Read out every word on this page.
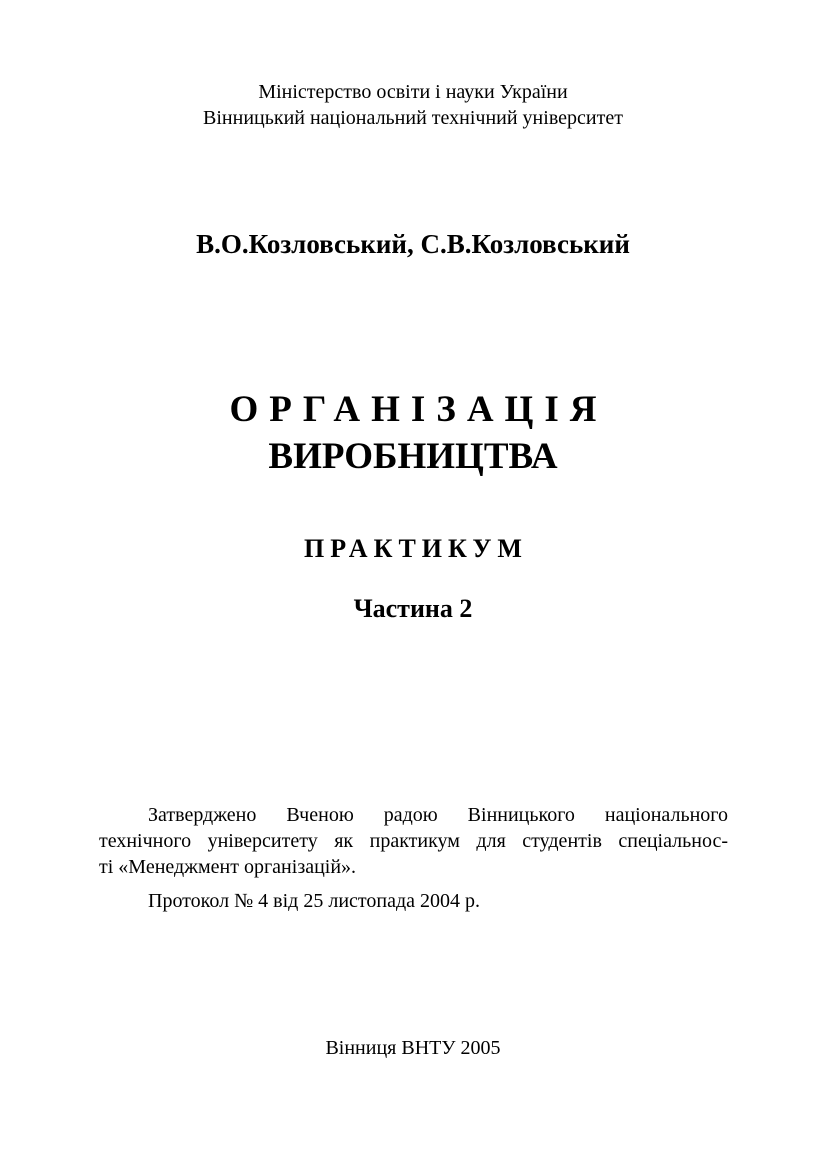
Міністерство освіти і науки України
Вінницький національний технічний університет
В.О.Козловський, С.В.Козловський
ОРГАНІЗАЦІЯ
ВИРОБНИЦТВА
ПРАКТИКУМ
Частина 2
Затверджено Вченою радою Вінницького національного
технічного університету як практикум для студентів спеціальнос-
ті «Менеджмент організацій».
Протокол № 4 від 25 листопада 2004 р.
Вінниця ВНТУ 2005
